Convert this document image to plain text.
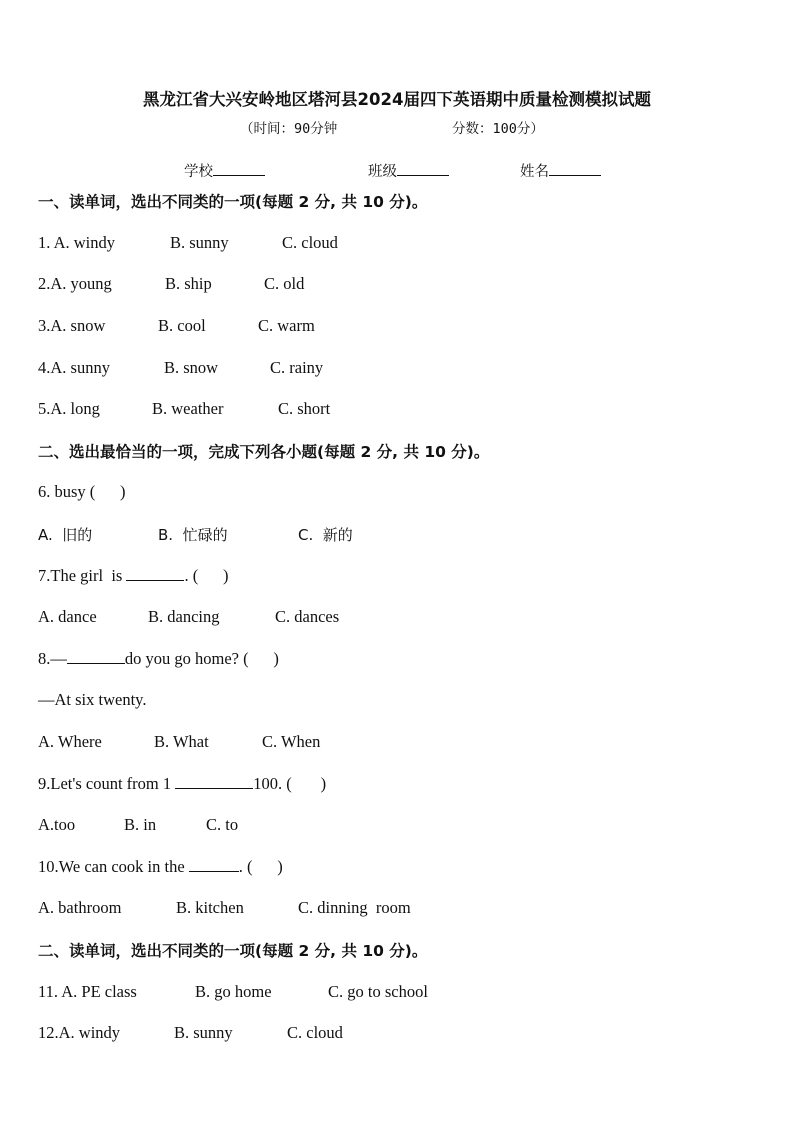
黑龙江省大兴安岭地区塔河县2024届四下英语期中质量检测模拟试题
（时间：90分钟	分数：100分）
学校	班级	姓名
一、读单词，选出不同类的一项(每题 2 分, 共 10 分)。
1. A. windy	B. sunny	C. cloud
2.A. young	B. ship	C. old
3.A. snow	B. cool	C. warm
4.A. sunny	B. snow	C. rainy
5.A. long	B. weather	C. short
二、选出最恰当的一项，完成下列各小题(每题 2 分, 共 10 分)。
6. busy (      )
A.  旧的	B.  忙碌的	C.  新的
7.The girl  is	. (      )
A. dance	B. dancing	C. dances
8.—	do you go home? (      )
—At six twenty.
A. Where	B. What	C. When
9.Let's count from 1	100. (       )
A.too	B. in	C. to
10.We can cook in the	. (      )
A. bathroom	B. kitchen	C. dinning  room
二、读单词，选出不同类的一项(每题 2 分, 共 10 分)。
11. A. PE class	B. go home	C. go to school
12.A. windy	B. sunny	C. cloud
